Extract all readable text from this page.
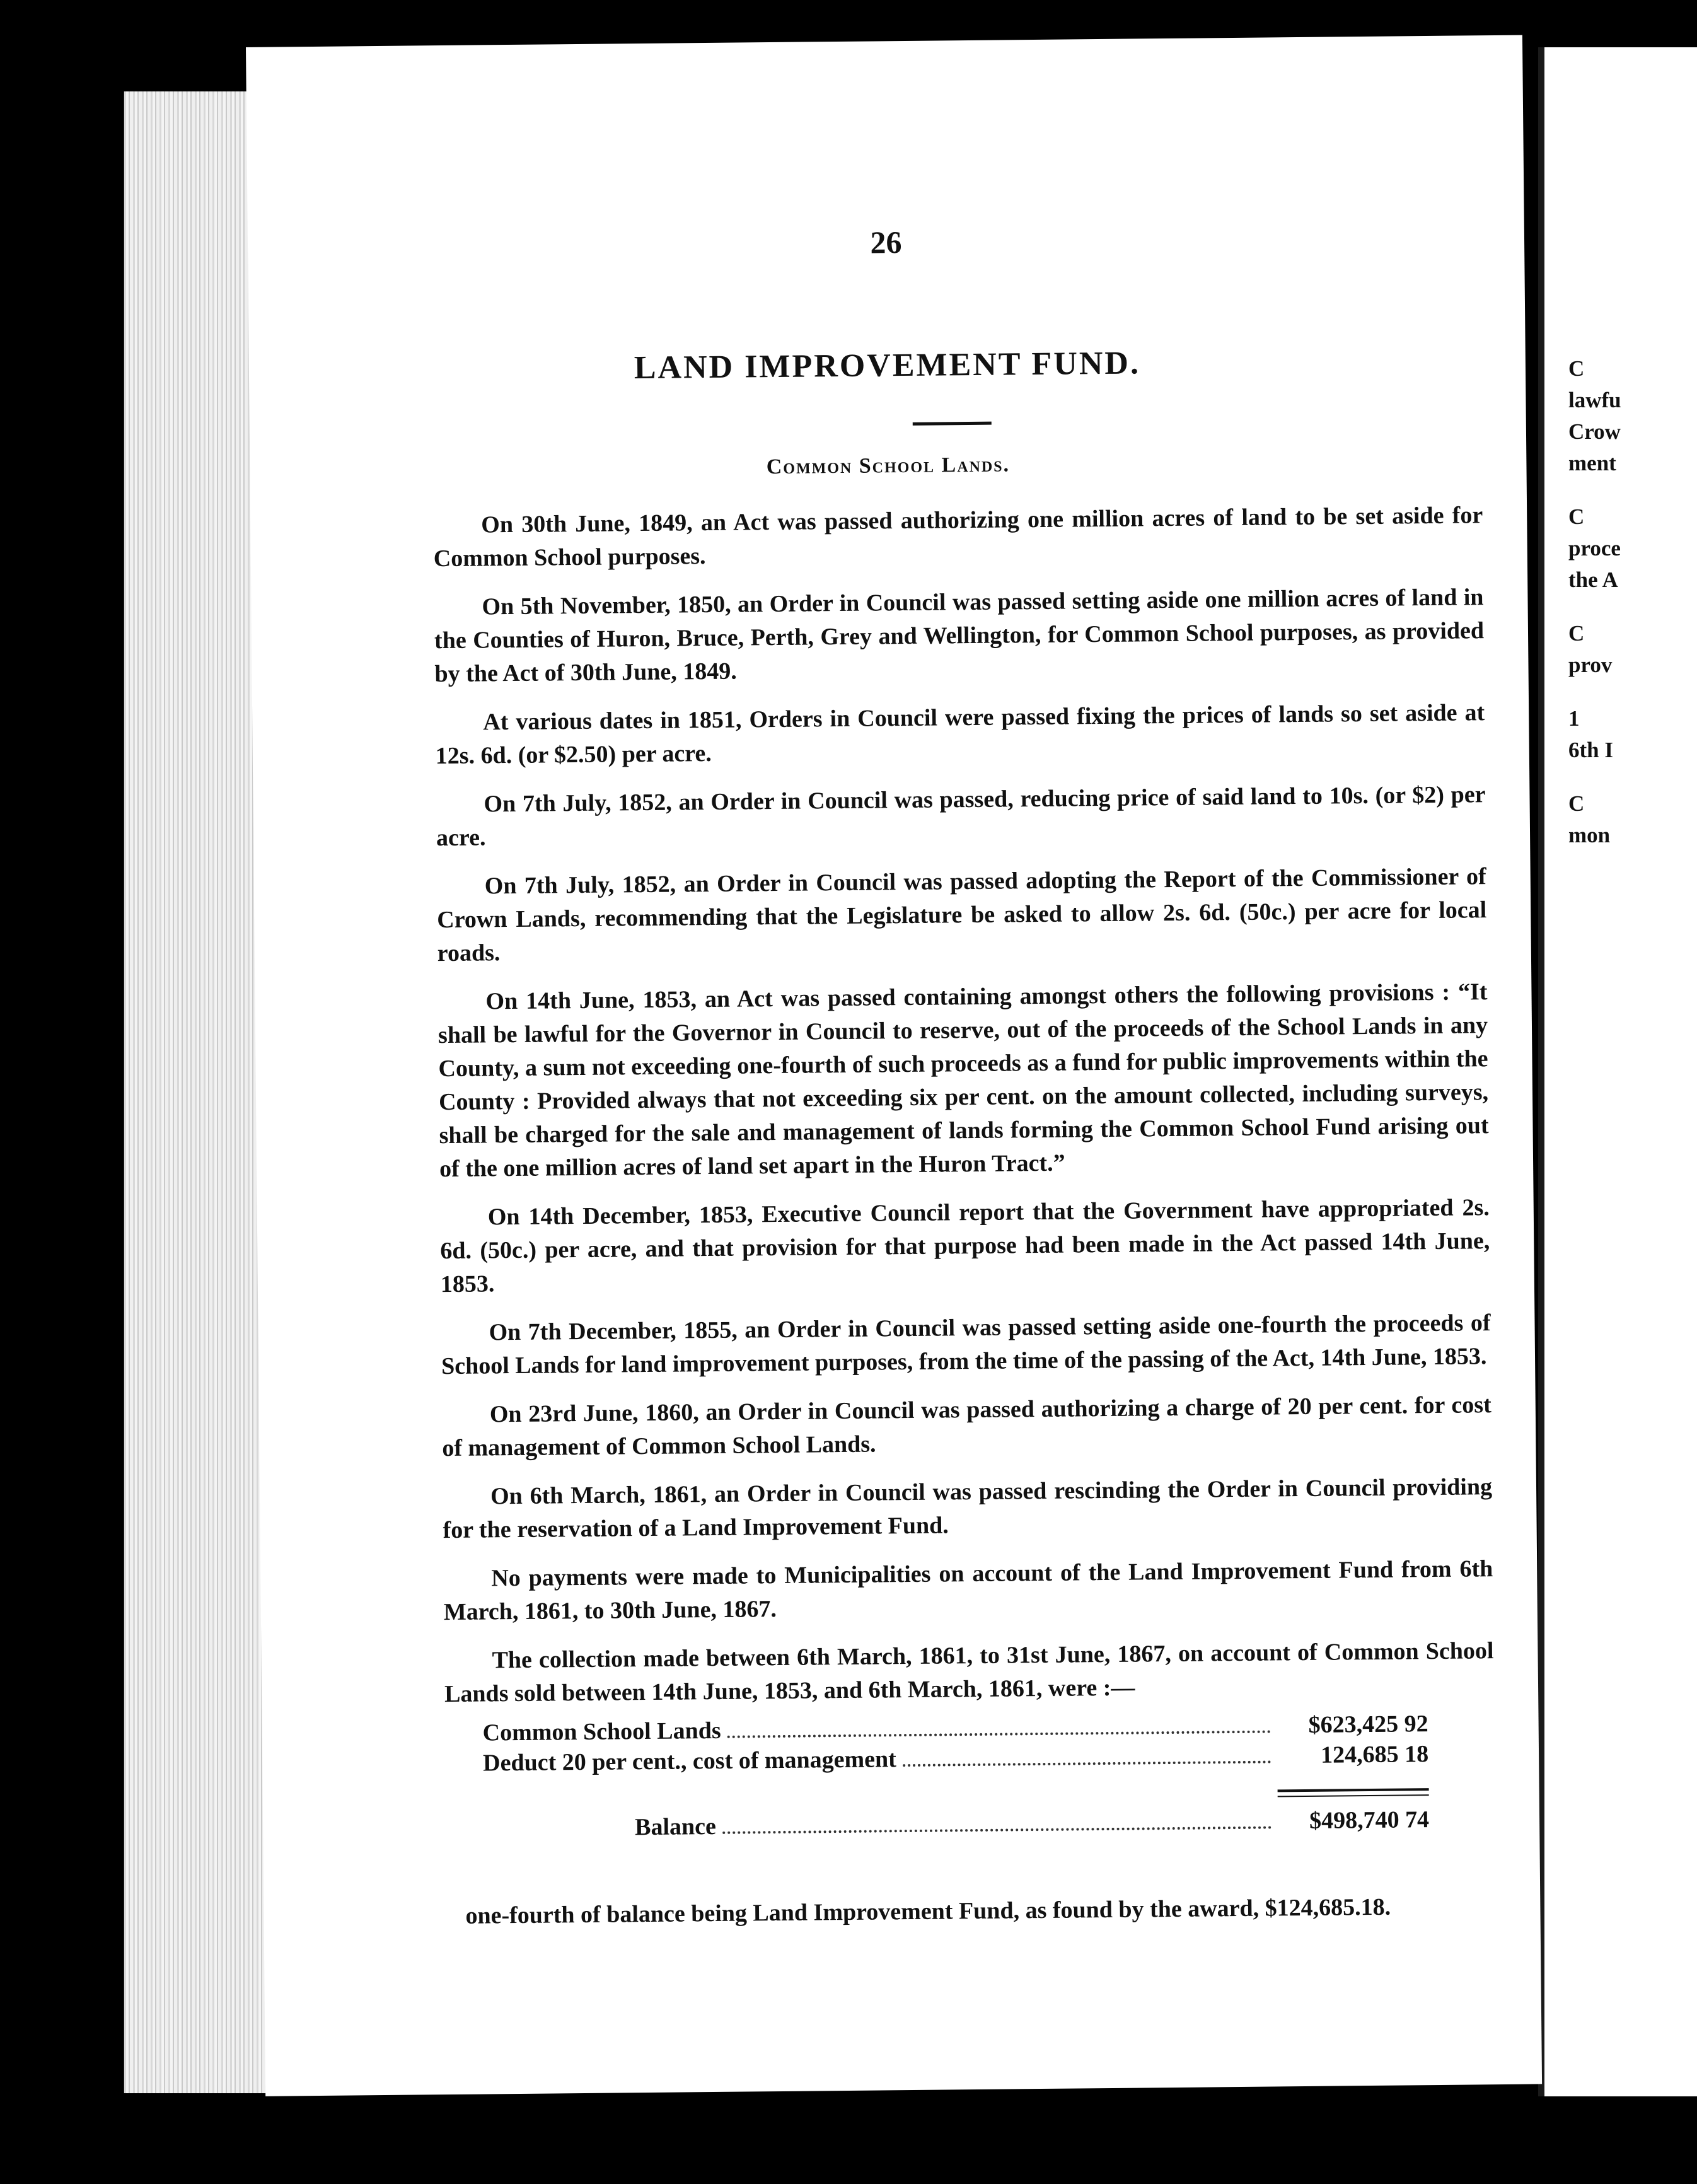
C
lawfu
Crow
ment
C
proce
the A
C
prov
1
6th I
C
mon
26
LAND IMPROVEMENT FUND.
Common School Lands.

On 30th June, 1849, an Act was passed authorizing one million acres of land to be set aside for Common School purposes.

On 5th November, 1850, an Order in Council was passed setting aside one million acres of land in the Counties of Huron, Bruce, Perth, Grey and Wellington, for Common School purposes, as provided by the Act of 30th June, 1849.

At various dates in 1851, Orders in Council were passed fixing the prices of lands so set aside at 12s. 6d. (or $2.50) per acre.

On 7th July, 1852, an Order in Council was passed, reducing price of said land to 10s. (or $2) per acre.

On 7th July, 1852, an Order in Council was passed adopting the Report of the Commissioner of Crown Lands, recommending that the Legislature be asked to allow 2s. 6d. (50c.) per acre for local roads.

On 14th June, 1853, an Act was passed containing amongst others the following provisions : “It shall be lawful for the Governor in Council to reserve, out of the proceeds of the School Lands in any County, a sum not exceeding one-fourth of such proceeds as a fund for public improvements within the County : Provided always that not exceeding six per cent. on the amount collected, including surveys, shall be charged for the sale and management of lands forming the Common School Fund arising out of the one million acres of land set apart in the Huron Tract.”

On 14th December, 1853, Executive Council report that the Government have appropriated 2s. 6d. (50c.) per acre, and that provision for that purpose had been made in the Act passed 14th June, 1853.

On 7th December, 1855, an Order in Council was passed setting aside one-fourth the proceeds of School Lands for land improvement purposes, from the time of the passing of the Act, 14th June, 1853.

On 23rd June, 1860, an Order in Council was passed authorizing a charge of 20 per cent. for cost of management of Common School Lands.

On 6th March, 1861, an Order in Council was passed rescinding the Order in Council providing for the reservation of a Land Improvement Fund.

No payments were made to Municipalities on account of the Land Improvement Fund from 6th March, 1861, to 30th June, 1867.

The collection made between 6th March, 1861, to 31st June, 1867, on account of Common School Lands sold between 14th June, 1853, and 6th March, 1861, were :—

Common School Lands	$623,425 92
Deduct 20 per cent., cost of management	124,685 18
Balance	$498,740 74
one-fourth of balance being Land Improvement Fund, as found by the award, $124,685.18.
